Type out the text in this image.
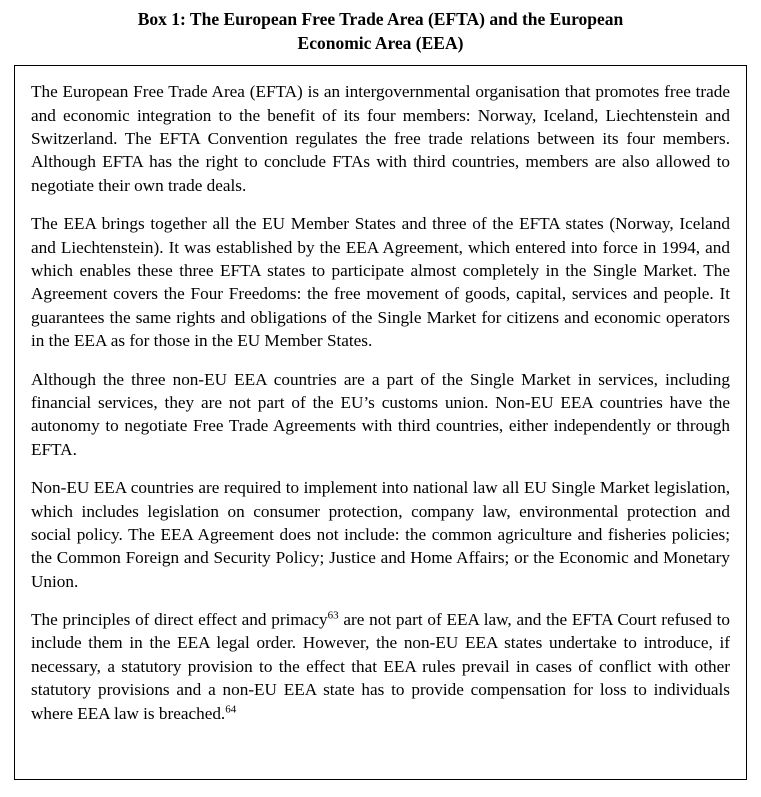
Box 1: The European Free Trade Area (EFTA) and the European
Economic Area (EEA)

The European Free Trade Area (EFTA) is an intergovernmental organisation that promotes free trade and economic integration to the benefit of its four members: Norway, Iceland, Liechtenstein and Switzerland. The EFTA Convention regulates the free trade relations between its four members. Although EFTA has the right to conclude FTAs with third countries, members are also allowed to negotiate their own trade deals.

The EEA brings together all the EU Member States and three of the EFTA states (Norway, Iceland and Liechtenstein). It was established by the EEA Agreement, which entered into force in 1994, and which enables these three EFTA states to participate almost completely in the Single Market. The Agreement covers the Four Freedoms: the free movement of goods, capital, services and people. It guarantees the same rights and obligations of the Single Market for citizens and economic operators in the EEA as for those in the EU Member States.

Although the three non-EU EEA countries are a part of the Single Market in services, including financial services, they are not part of the EU’s customs union. Non-EU EEA countries have the autonomy to negotiate Free Trade Agreements with third countries, either independently or through EFTA.

Non-EU EEA countries are required to implement into national law all EU Single Market legislation, which includes legislation on consumer protection, company law, environmental protection and social policy. The EEA Agreement does not include: the common agriculture and fisheries policies; the Common Foreign and Security Policy; Justice and Home Affairs; or the Economic and Monetary Union.

The principles of direct effect and primacy$^{63}$ are not part of EEA law, and the EFTA Court refused to include them in the EEA legal order. However, the non-EU EEA states undertake to introduce, if necessary, a statutory provision to the effect that EEA rules prevail in cases of conflict with other statutory provisions and a non-EU EEA state has to provide compensation for loss to individuals where EEA law is breached.$^{64}$
